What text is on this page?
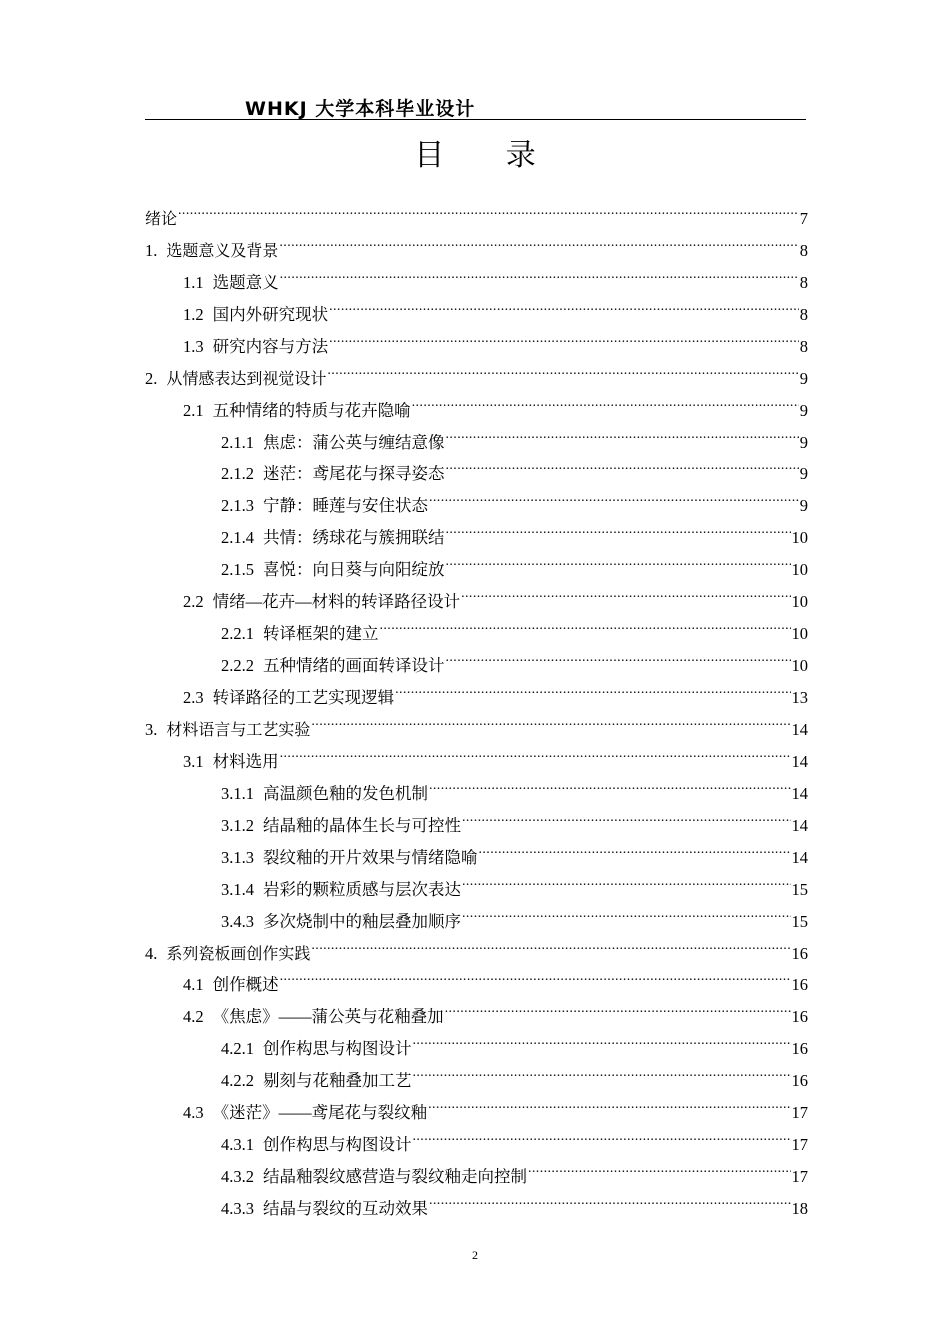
WHKJ 大学本科毕业设计
目 录
绪论 .....	7
1. 选题意义及背景 .....	8
1.1 选题意义 .....	8
1.2 国内外研究现状 .....	8
1.3 研究内容与方法 .....	8
2. 从情感表达到视觉设计 .....	9
2.1 五种情绪的特质与花卉隐喻 .....	9
2.1.1 焦虑：蒲公英与缠结意像 .....	9
2.1.2 迷茫：鸢尾花与探寻姿态 .....	9
2.1.3 宁静：睡莲与安住状态 .....	9
2.1.4 共情：绣球花与簇拥联结 .....	10
2.1.5 喜悦：向日葵与向阳绽放 .....	10
2.2 情绪—花卉—材料的转译路径设计 .....	10
2.2.1 转译框架的建立 .....	10
2.2.2 五种情绪的画面转译设计 .....	10
2.3 转译路径的工艺实现逻辑 .....	13
3. 材料语言与工艺实验 .....	14
3.1 材料选用 .....	14
3.1.1 高温颜色釉的发色机制 .....	14
3.1.2 结晶釉的晶体生长与可控性 .....	14
3.1.3 裂纹釉的开片效果与情绪隐喻 .....	14
3.1.4 岩彩的颗粒质感与层次表达 .....	15
3.4.3 多次烧制中的釉层叠加顺序 .....	15
4. 系列瓷板画创作实践 .....	16
4.1 创作概述 .....	16
4.2 《焦虑》——蒲公英与花釉叠加 .....	16
4.2.1 创作构思与构图设计 .....	16
4.2.2 剔刻与花釉叠加工艺 .....	16
4.3 《迷茫》——鸢尾花与裂纹釉 .....	17
4.3.1 创作构思与构图设计 .....	17
4.3.2 结晶釉裂纹感营造与裂纹釉走向控制 .....	17
4.3.3 结晶与裂纹的互动效果 .....	18
2
